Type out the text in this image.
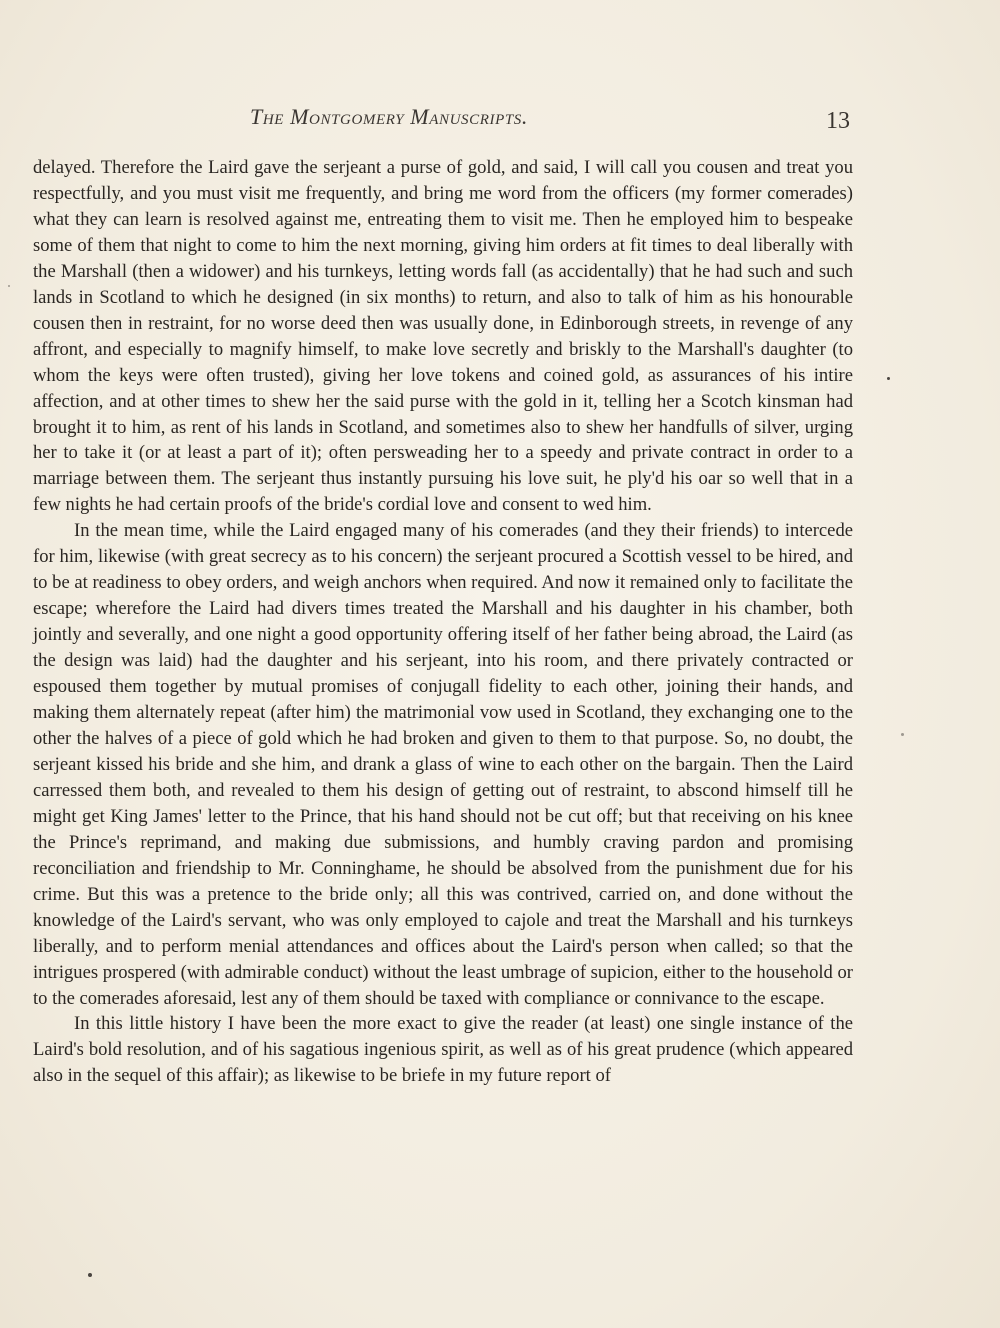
The Montgomery Manuscripts.	13

delayed. Therefore the Laird gave the serjeant a purse of gold, and said, I will call you cousen and treat you respectfully, and you must visit me frequently, and bring me word from the officers (my former comerades) what they can learn is resolved against me, entreating them to visit me. Then he employed him to bespeake some of them that night to come to him the next morning, giving him orders at fit times to deal liberally with the Marshall (then a widower) and his turnkeys, letting words fall (as accidentally) that he had such and such lands in Scotland to which he designed (in six months) to return, and also to talk of him as his honourable cousen then in restraint, for no worse deed then was usually done, in Edinborough streets, in revenge of any affront, and especially to magnify himself, to make love secretly and briskly to the Marshall's daughter (to whom the keys were often trusted), giving her love tokens and coined gold, as assurances of his intire affection, and at other times to shew her the said purse with the gold in it, telling her a Scotch kinsman had brought it to him, as rent of his lands in Scotland, and sometimes also to shew her handfulls of silver, urging her to take it (or at least a part of it); often persweading her to a speedy and private contract in order to a marriage between them. The serjeant thus instantly pursuing his love suit, he ply'd his oar so well that in a few nights he had certain proofs of the bride's cordial love and consent to wed him.

In the mean time, while the Laird engaged many of his comerades (and they their friends) to intercede for him, likewise (with great secrecy as to his concern) the serjeant procured a Scottish vessel to be hired, and to be at readiness to obey orders, and weigh anchors when required. And now it remained only to facilitate the escape; wherefore the Laird had divers times treated the Marshall and his daughter in his chamber, both jointly and severally, and one night a good opportunity offering itself of her father being abroad, the Laird (as the design was laid) had the daughter and his serjeant, into his room, and there privately contracted or espoused them together by mutual promises of conjugall fidelity to each other, joining their hands, and making them alternately repeat (after him) the matrimonial vow used in Scotland, they exchanging one to the other the halves of a piece of gold which he had broken and given to them to that purpose. So, no doubt, the serjeant kissed his bride and she him, and drank a glass of wine to each other on the bargain. Then the Laird carressed them both, and revealed to them his design of getting out of restraint, to abscond himself till he might get King James' letter to the Prince, that his hand should not be cut off; but that receiving on his knee the Prince's reprimand, and making due submissions, and humbly craving pardon and promising reconciliation and friendship to Mr. Conninghame, he should be absolved from the punishment due for his crime. But this was a pretence to the bride only; all this was contrived, carried on, and done without the knowledge of the Laird's servant, who was only employed to cajole and treat the Marshall and his turnkeys liberally, and to perform menial attendances and offices about the Laird's person when called; so that the intrigues prospered (with admirable conduct) without the least umbrage of supicion, either to the household or to the comerades aforesaid, lest any of them should be taxed with compliance or connivance to the escape.

In this little history I have been the more exact to give the reader (at least) one single instance of the Laird's bold resolution, and of his sagatious ingenious spirit, as well as of his great prudence (which appeared also in the sequel of this affair); as likewise to be briefe in my future report of
